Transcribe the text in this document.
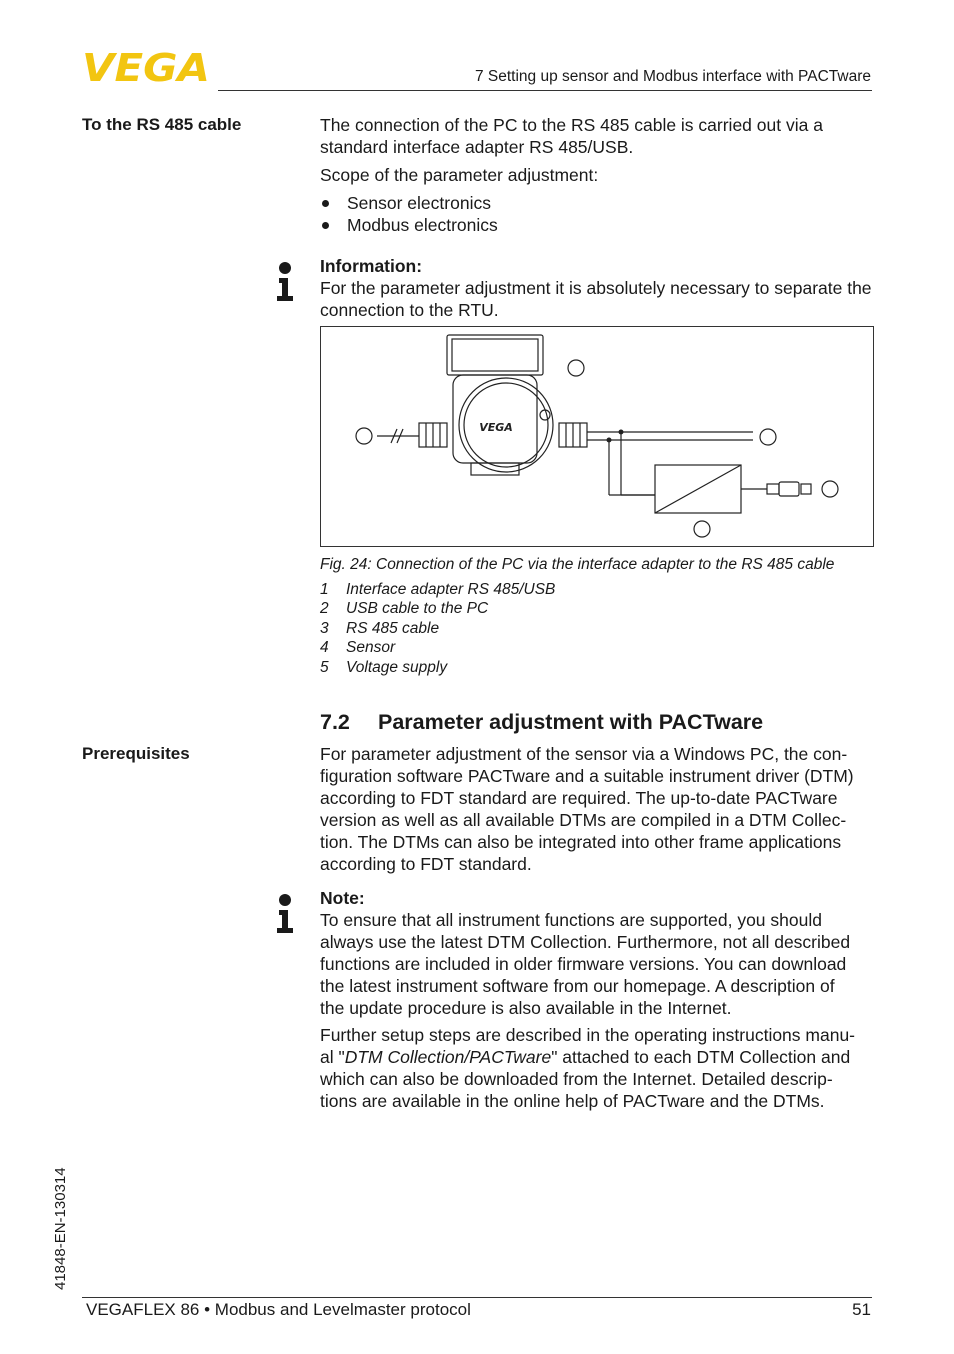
VEGA	7 Setting up sensor and Modbus interface with PACTware
To the RS 485 cable	The connection of the PC to the RS 485 cable is carried out via a standard interface adapter RS 485/USB.

Scope of the parameter adjustment:
Sensor electronics
Modbus electronics

Information:

For the parameter adjustment it is absolutely necessary to separate the connection to the RTU.

VEGA
Fig. 24: Connection of the PC via the interface adapter to the RS 485 cable
1	Interface adapter RS 485/USB
2	USB cable to the PC
3	RS 485 cable
4	Sensor
5	Voltage supply
7.2 Parameter adjustment with PACTware
Prerequisites	For parameter adjustment of the sensor via a Windows PC, the con-

figuration software PACTware and a suitable instrument driver (DTM)

according to FDT standard are required. The up-to-date PACTware

version as well as all available DTMs are compiled in a DTM Collec-

tion. The DTMs can also be integrated into other frame applications

according to FDT standard.

Note:

To ensure that all instrument functions are supported, you should

always use the latest DTM Collection. Furthermore, not all described

functions are included in older firmware versions. You can download

the latest instrument software from our homepage. A description of

the update procedure is also available in the Internet.

Further setup steps are described in the operating instructions manu-

al "DTM Collection/PACTware" attached to each DTM Collection and

which can also be downloaded from the Internet. Detailed descrip-

tions are available in the online help of PACTware and the DTMs.

41848-EN-130314
VEGAFLEX 86 • Modbus and Levelmaster protocol	51
